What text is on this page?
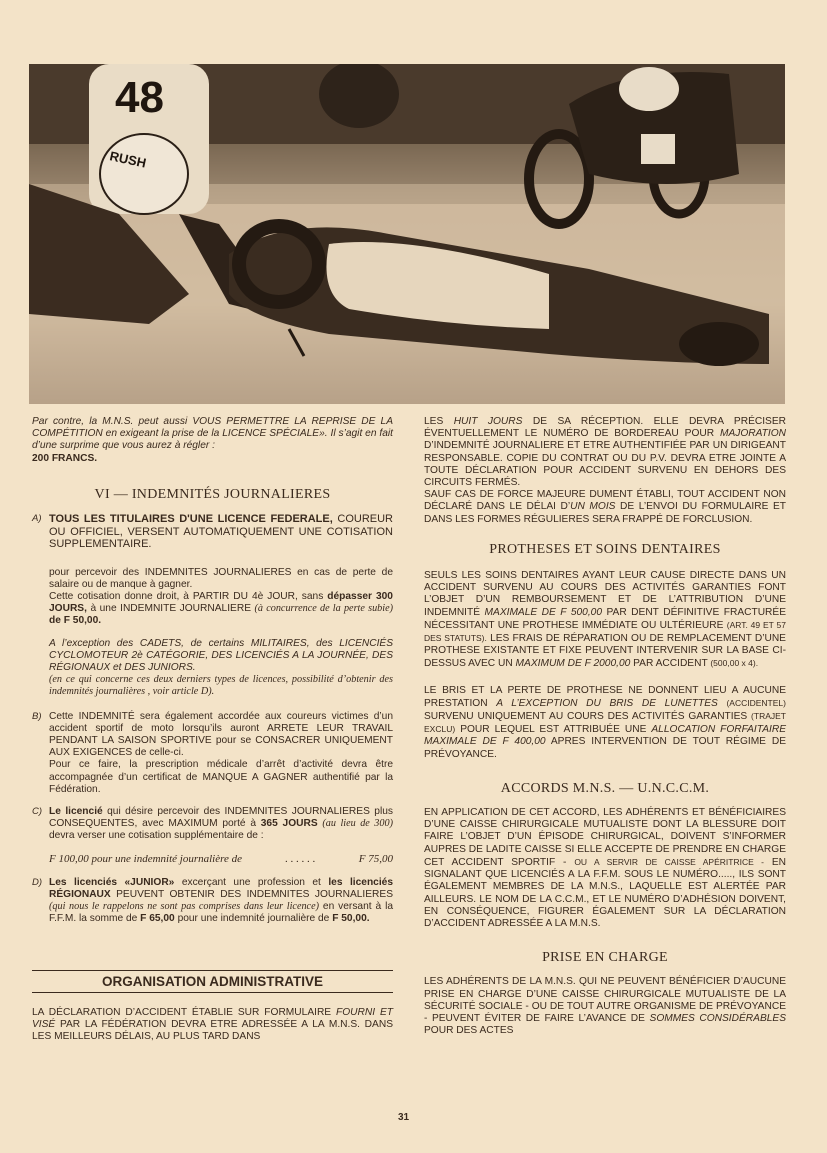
48
RUSH

Par contre, la M.N.S. peut aussi VOUS PERMETTRE LA REPRISE DE LA COMPÉTITION en exigeant la prise de la LICENCE SPÉCIALE». Il s’agit en fait d’une surprime que vous aurez à régler :
200 FRANCS.

VI — INDEMNITÉS JOURNALIERES
A) TOUS LES TITULAIRES D'UNE LICENCE FEDERALE, COUREUR OU OFFICIEL, VERSENT AUTOMATIQUEMENT UNE COTISATION SUPPLEMENTAIRE.

pour percevoir des INDEMNITES JOURNALIERES en cas de perte de salaire ou de manque à gagner.

Cette cotisation donne droit, à PARTIR DU 4è JOUR, sans dépasser 300 JOURS, à une INDEMNITE JOURNALIERE (à concurrence de la perte subie) de F 50,00.

A l’exception des CADETS, de certains MILITAIRES, des LICENCIÉS CYCLOMOTEUR 2è CATÉGORIE, DES LICENCIÉS A LA JOURNÉE, DES RÉGIONAUX et DES JUNIORS.

(en ce qui concerne ces deux derniers types de licences, possibilité d’obtenir des indemnités journalières , voir article D).

B) Cette INDEMNITÉ sera également accordée aux coureurs victimes d’un accident sportif de moto lorsqu’ils auront ARRETE LEUR TRAVAIL PENDANT LA SAISON SPORTIVE pour se CONSACRER UNIQUEMENT AUX EXIGENCES de celle-ci.

Pour ce faire, la prescription médicale d’arrêt d’activité devra être accompagnée d’un certificat de MANQUE A GAGNER authentifié par la Fédération.

C) Le licencié qui désire percevoir des INDEMNITES JOURNALIERES plus CONSEQUENTES, avec MAXIMUM porté à 365 JOURS (au lieu de 300) devra verser une cotisation supplémentaire de :

F 100,00 pour une indemnité journalière de	. . . . . .	F 75,00

D) Les licenciés «JUNIOR» excerçant une profession et les licenciés RÉGIONAUX PEUVENT OBTENIR DES INDEMNITES JOURNALIERES (qui nous le rappelons ne sont pas comprises dans leur licence) en versant à la F.F.M. la somme de F 65,00 pour une indemnité journalière de F 50,00.

ORGANISATION ADMINISTRATIVE

LA DÉCLARATION D’ACCIDENT ÉTABLIE SUR FORMULAIRE FOURNI ET VISÉ PAR LA FÉDÉRATION DEVRA ETRE ADRESSÉE A LA M.N.S. DANS LES MEILLEURS DÉLAIS, AU PLUS TARD DANS

LES HUIT JOURS DE SA RÉCEPTION. ELLE DEVRA PRÉCISER ÉVENTUELLEMENT LE NUMÉRO DE BORDEREAU POUR MAJORATION D’INDEMNITÉ JOURNALIERE ET ETRE AUTHENTIFIÉE PAR UN DIRIGEANT RESPONSABLE. COPIE DU CONTRAT OU DU P.V. DEVRA ETRE JOINTE A TOUTE DÉCLARATION POUR ACCIDENT SURVENU EN DEHORS DES CIRCUITS FERMÉS.

SAUF CAS DE FORCE MAJEURE DUMENT ÉTABLI, TOUT ACCIDENT NON DÉCLARÉ DANS LE DÉLAI D’UN MOIS DE L’ENVOI DU FORMULAIRE ET DANS LES FORMES RÉGULIERES SERA FRAPPÉ DE FORCLUSION.

PROTHESES ET SOINS DENTAIRES

SEULS LES SOINS DENTAIRES AYANT LEUR CAUSE DIRECTE DANS UN ACCIDENT SURVENU AU COURS DES ACTIVITÉS GARANTIES FONT L’OBJET D’UN REMBOURSEMENT ET DE L’ATTRIBUTION D’UNE INDEMNITÉ MAXIMALE DE F 500,00 PAR DENT DÉFINITIVE FRACTURÉE NÉCESSITANT UNE PROTHESE IMMÉDIATE OU ULTÉRIEURE (ART. 49 ET 57 DES STATUTS). LES FRAIS DE RÉPARATION OU DE REMPLACEMENT D’UNE PROTHESE EXISTANTE ET FIXE PEUVENT INTERVENIR SUR LA BASE CI-DESSUS AVEC UN MAXIMUM DE F 2000,00 PAR ACCIDENT (500,00 x 4).

LE BRIS ET LA PERTE DE PROTHESE NE DONNENT LIEU A AUCUNE PRESTATION A L’EXCEPTION DU BRIS DE LUNETTES (ACCIDENTEL) SURVENU UNIQUEMENT AU COURS DES ACTIVITÉS GARANTIES (TRAJET EXCLU) POUR LEQUEL EST ATTRIBUÉE UNE ALLOCATION FORFAITAIRE MAXIMALE DE F 400,00 APRES INTERVENTION DE TOUT RÉGIME DE PRÉVOYANCE.

ACCORDS M.N.S. — U.N.C.C.M.

EN APPLICATION DE CET ACCORD, LES ADHÉRENTS ET BÉNÉFICIAIRES D’UNE CAISSE CHIRURGICALE MUTUALISTE DONT LA BLESSURE DOIT FAIRE L’OBJET D’UN ÉPISODE CHIRURGICAL, DOIVENT S’INFORMER AUPRES DE LADITE CAISSE SI ELLE ACCEPTE DE PRENDRE EN CHARGE CET ACCIDENT SPORTIF - OU A SERVIR DE CAISSE APÉRITRICE - EN SIGNALANT QUE LICENCIÉS A LA F.F.M. SOUS LE NUMÉRO....., ILS SONT ÉGALEMENT MEMBRES DE LA M.N.S., LAQUELLE EST ALERTÉE PAR AILLEURS. LE NOM DE LA C.C.M., ET LE NUMÉRO D’ADHÉSION DOIVENT, EN CONSÉQUENCE, FIGURER ÉGALEMENT SUR LA DÉCLARATION D’ACCIDENT ADRESSÉE A LA M.N.S.

PRISE EN CHARGE

LES ADHÉRENTS DE LA M.N.S. QUI NE PEUVENT BÉNÉFICIER D’AUCUNE PRISE EN CHARGE D’UNE CAISSE CHIRURGICALE MUTUALISTE DE LA SÉCURITÉ SOCIALE - OU DE TOUT AUTRE ORGANISME DE PRÉVOYANCE - PEUVENT ÉVITER DE FAIRE L’AVANCE DE SOMMES CONSIDÉRABLES POUR DES ACTES

31
